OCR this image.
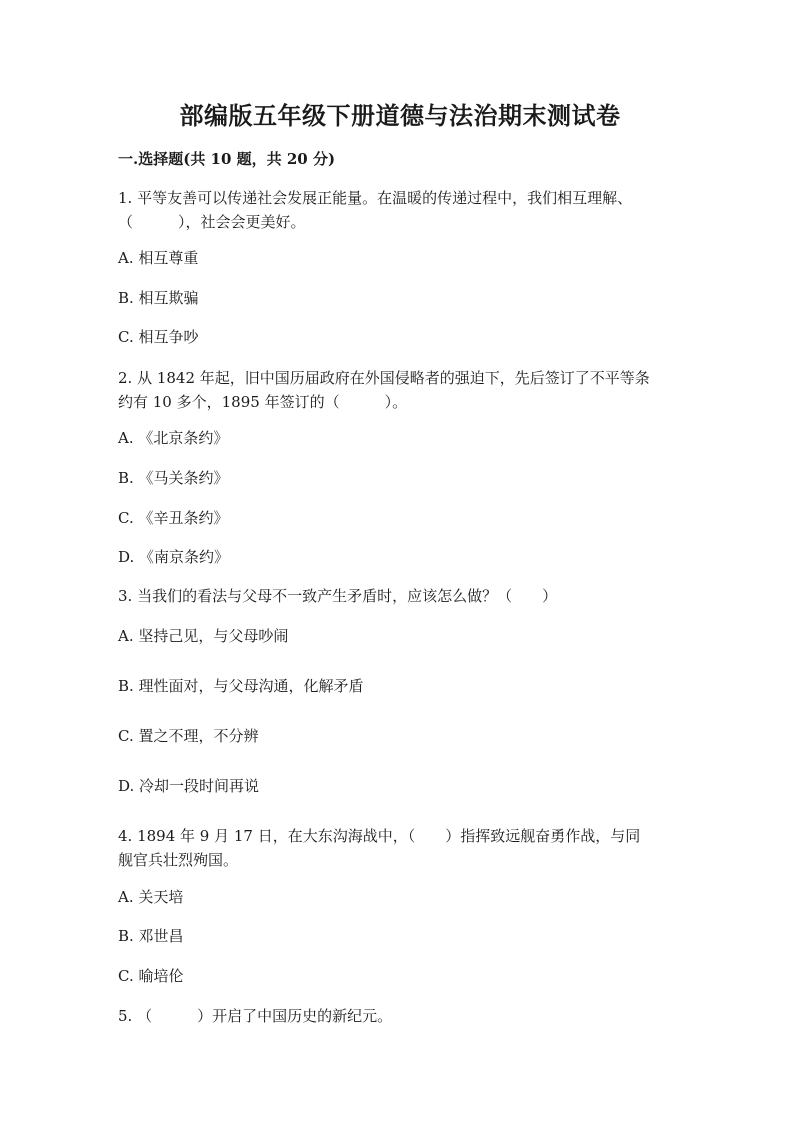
部编版五年级下册道德与法治期末测试卷
一.选择题(共 10 题，共 20 分)
1. 平等友善可以传递社会发展正能量。在温暖的传递过程中，我们相互理解、
（　　　），社会会更美好。
A. 相互尊重
B. 相互欺骗
C. 相互争吵
2. 从 1842 年起，旧中国历届政府在外国侵略者的强迫下，先后签订了不平等条
约有 10 多个，1895 年签订的（　　　）。
A. 《北京条约》
B. 《马关条约》
C. 《辛丑条约》
D. 《南京条约》
3. 当我们的看法与父母不一致产生矛盾时，应该怎么做？（　　）
A. 坚持己见，与父母吵闹
B. 理性面对，与父母沟通，化解矛盾
C. 置之不理，不分辨
D. 冷却一段时间再说
4. 1894 年 9 月 17 日，在大东沟海战中，（　　）指挥致远舰奋勇作战，与同
舰官兵壮烈殉国。
A. 关天培
B. 邓世昌
C. 喻培伦
5. （　　　）开启了中国历史的新纪元。
